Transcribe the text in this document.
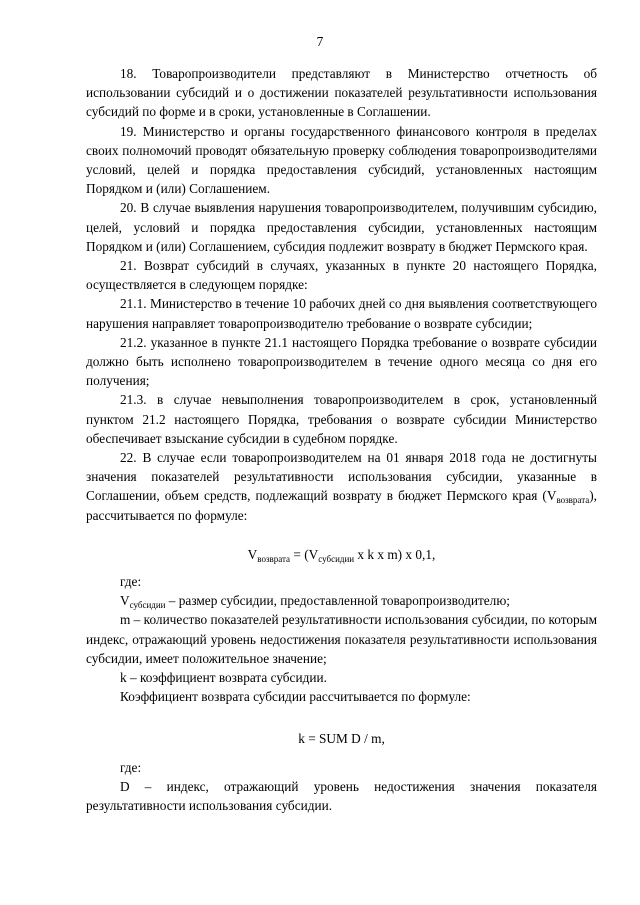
7

18. Товаропроизводители представляют в Министерство отчетность об использовании субсидий и о достижении показателей результативности использования субсидий по форме и в сроки, установленные в Соглашении.

19. Министерство и органы государственного финансового контроля в пределах своих полномочий проводят обязательную проверку соблюдения товаропроизводителями условий, целей и порядка предоставления субсидий, установленных настоящим Порядком и (или) Соглашением.

20. В случае выявления нарушения товаропроизводителем, получившим субсидию, целей, условий и порядка предоставления субсидии, установленных настоящим Порядком и (или) Соглашением, субсидия подлежит возврату в бюджет Пермского края.

21. Возврат субсидий в случаях, указанных в пункте 20 настоящего Порядка, осуществляется в следующем порядке:

21.1. Министерство в течение 10 рабочих дней со дня выявления соответствующего нарушения направляет товаропроизводителю требование о возврате субсидии;

21.2. указанное в пункте 21.1 настоящего Порядка требование о возврате субсидии должно быть исполнено товаропроизводителем в течение одного месяца со дня его получения;

21.3. в случае невыполнения товаропроизводителем в срок, установленный пунктом 21.2 настоящего Порядка, требования о возврате субсидии Министерство обеспечивает взыскание субсидии в судебном порядке.

22. В случае если товаропроизводителем на 01 января 2018 года не достигнуты значения показателей результативности использования субсидии, указанные в Соглашении, объем средств, подлежащий возврату в бюджет Пермского края $(V_{возврата})$, рассчитывается по формуле:

$V_{возврата} = (V_{субсидии}$ x k x m) x 0,1,

где:

$V_{субсидии}$ – размер субсидии, предоставленной товаропроизводителю;

m – количество показателей результативности использования субсидии, по которым индекс, отражающий уровень недостижения показателя результативности использования субсидии, имеет положительное значение;

k – коэффициент возврата субсидии.

Коэффициент возврата субсидии рассчитывается по формуле:

k = SUM D / m,

где:

D – индекс, отражающий уровень недостижения значения показателя результативности использования субсидии.
